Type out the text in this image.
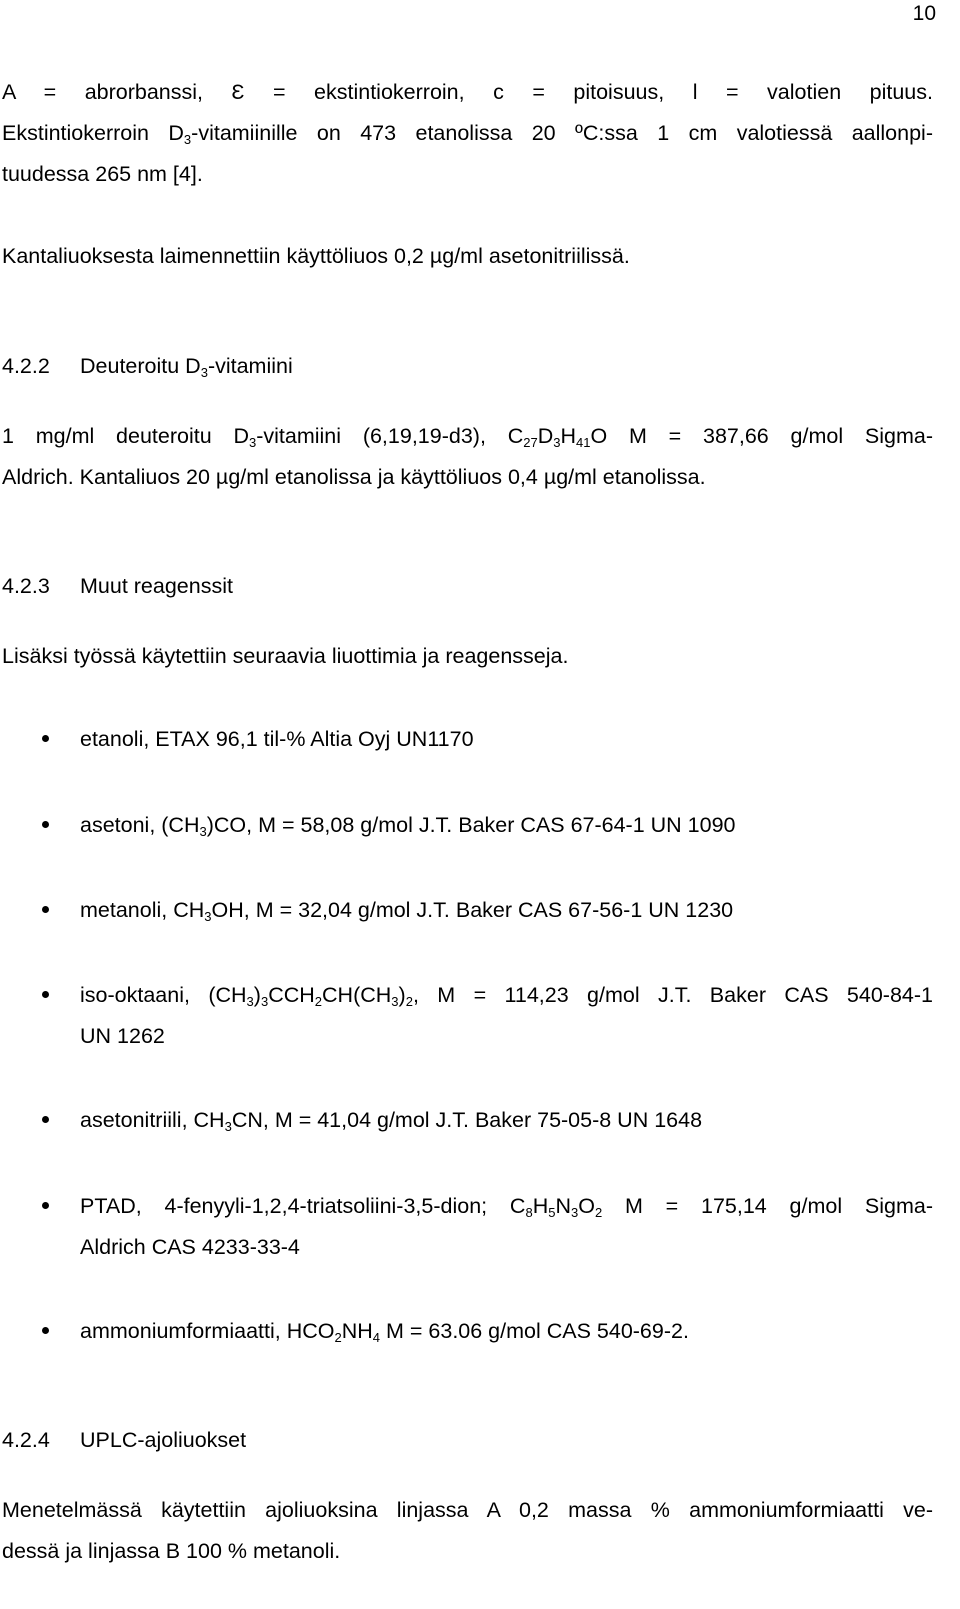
10
A = abrorbanssi, Ɛ = ekstintiokerroin, c = pitoisuus, l = valotien pituus.
Ekstintiokerroin $D_3$-vitamiinille on 473 etanolissa 20 ºC:ssa 1 cm valotiessä aallonpi-
tuudessa 265 nm [4].
Kantaliuoksesta laimennettiin käyttöliuos 0,2 µg/ml asetonitriilissä.
4.2.2 Deuteroitu $D_3$-vitamiini
1 mg/ml deuteroitu $D_3$-vitamiini (6,19,19-d3), $C_{27}D_3H_{41}O$ M = 387,66 g/mol Sigma-
Aldrich. Kantaliuos 20 µg/ml etanolissa ja käyttöliuos 0,4 µg/ml etanolissa.
4.2.3 Muut reagenssit
Lisäksi työssä käytettiin seuraavia liuottimia ja reagensseja.
etanoli, ETAX 96,1 til-% Altia Oyj UN1170
asetoni, $(CH_3)CO$, M = 58,08 g/mol J.T. Baker CAS 67-64-1 UN 1090
metanoli, $CH_3OH$, M = 32,04 g/mol J.T. Baker CAS 67-56-1 UN 1230
iso-oktaani, $(CH_3)_3CCH_2CH(CH_3)_2$, M = 114,23 g/mol J.T. Baker CAS 540-84-1
UN 1262
asetonitriili, $CH_3CN$, M = 41,04 g/mol J.T. Baker 75-05-8 UN 1648
PTAD, 4-fenyyli-1,2,4-triatsoliini-3,5-dion; $C_8H_5N_3O_2$ M = 175,14 g/mol Sigma-
Aldrich CAS 4233-33-4
ammoniumformiaatti, $HCO_2NH_4$ M = 63.06 g/mol CAS 540-69-2.
4.2.4 UPLC-ajoliuokset
Menetelmässä käytettiin ajoliuoksina linjassa A 0,2 massa % ammoniumformiaatti ve-
dessä ja linjassa B 100 % metanoli.
